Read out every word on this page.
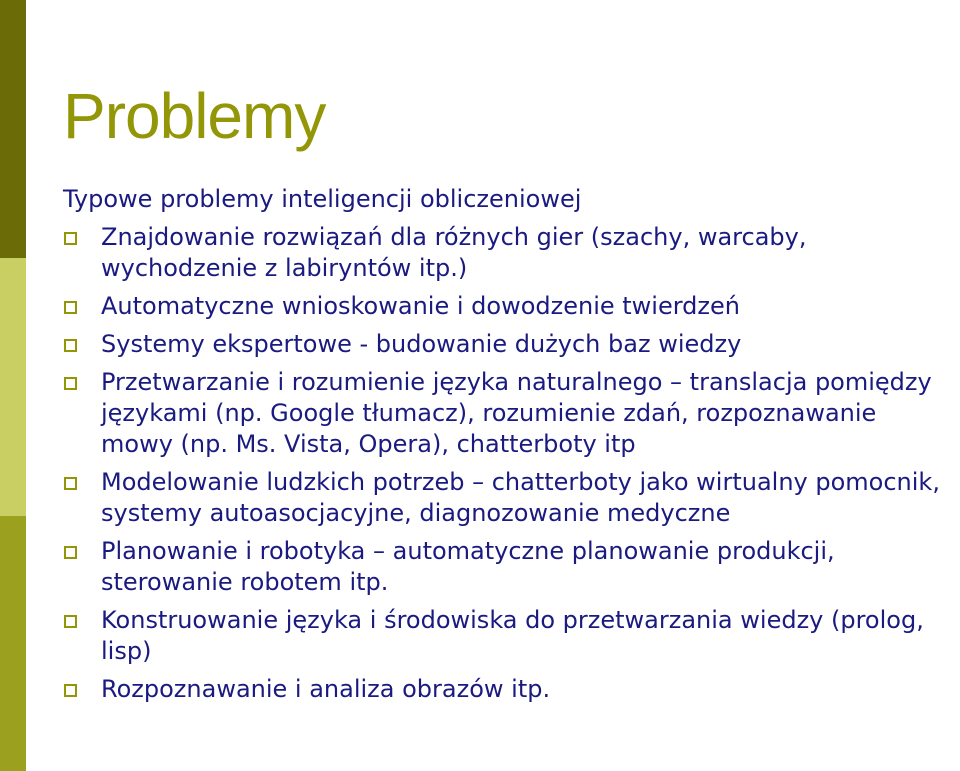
Problemy

Typowe problemy inteligencji obliczeniowej

Znajdowanie rozwiązań dla różnych gier (szachy, warcaby, wychodzenie z labiryntów itp.)
Automatyczne wnioskowanie i dowodzenie twierdzeń
Systemy ekspertowe - budowanie dużych baz wiedzy
Przetwarzanie i rozumienie języka naturalnego – translacja pomiędzy językami (np. Google tłumacz), rozumienie zdań, rozpoznawanie mowy (np. Ms. Vista, Opera), chatterboty itp
Modelowanie ludzkich potrzeb – chatterboty jako wirtualny pomocnik, systemy autoasocjacyjne, diagnozowanie medyczne
Planowanie i robotyka – automatyczne planowanie produkcji, sterowanie robotem itp.
Konstruowanie języka i środowiska do przetwarzania wiedzy (prolog, lisp)
Rozpoznawanie i analiza obrazów itp.
